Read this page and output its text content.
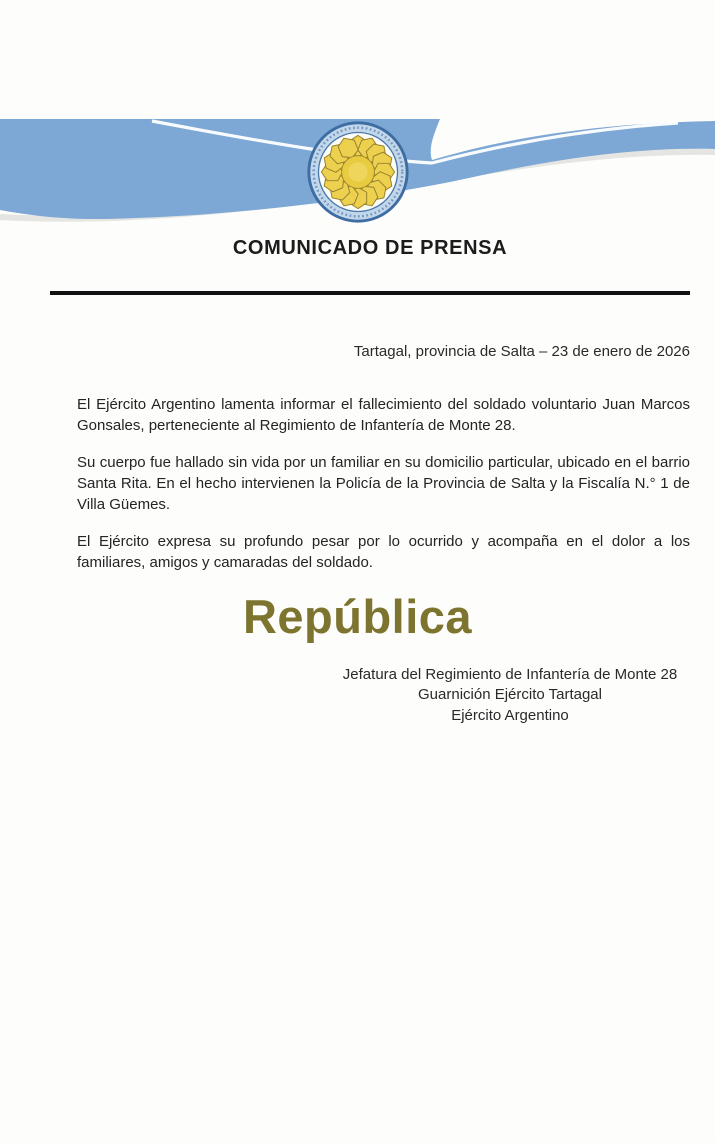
COMUNICADO DE PRENSA
Tartagal, provincia de Salta – 23 de enero de 2026

El Ejército Argentino lamenta informar el fallecimiento del soldado voluntario Juan Marcos Gonsales, perteneciente al Regimiento de Infantería de Monte 28.

Su cuerpo fue hallado sin vida por un familiar en su domicilio particular, ubicado en el barrio Santa Rita. En el hecho intervienen la Policía de la Provincia de Salta y la Fiscalía N.° 1 de Villa Güemes.

El Ejército expresa su profundo pesar por lo ocurrido y acompaña en el dolor a los familiares, amigos y camaradas del soldado.

República
Jefatura del Regimiento de Infantería de Monte 28
Guarnición Ejército Tartagal
Ejército Argentino
